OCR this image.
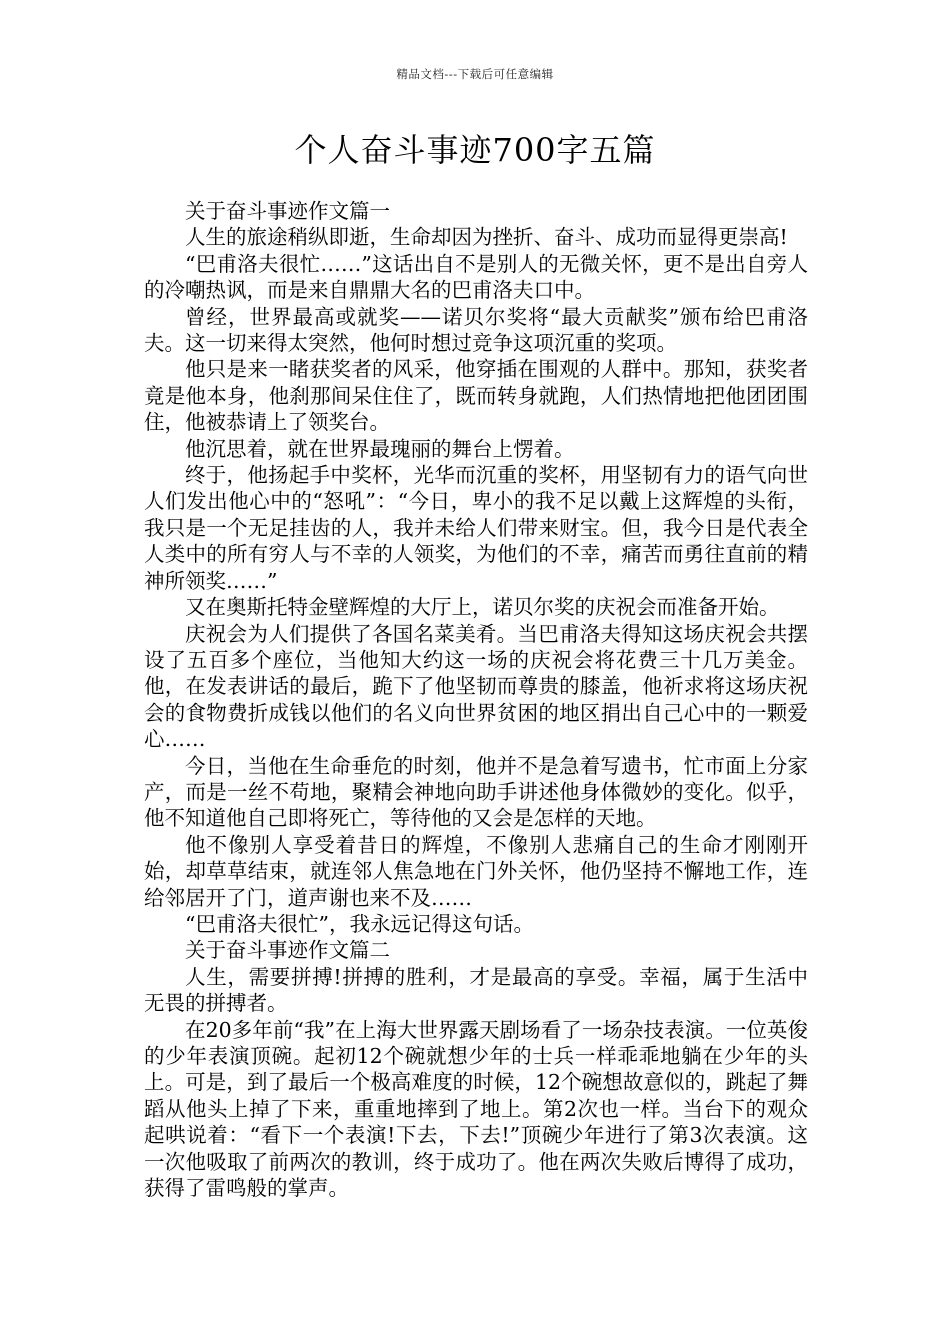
精品文档---下载后可任意编辑
个人奋斗事迹700字五篇

关于奋斗事迹作文篇一

人生的旅途稍纵即逝，生命却因为挫折、奋斗、成功而显得更崇高!

“巴甫洛夫很忙……”这话出自不是别人的无微关怀，更不是出自旁人的冷嘲热讽，而是来自鼎鼎大名的巴甫洛夫口中。

曾经，世界最高或就奖——诺贝尔奖将“最大贡献奖”颁布给巴甫洛夫。这一切来得太突然，他何时想过竞争这项沉重的奖项。

他只是来一睹获奖者的风采，他穿插在围观的人群中。那知，获奖者竟是他本身，他刹那间呆住住了，既而转身就跑，人们热情地把他团团围住，他被恭请上了领奖台。

他沉思着，就在世界最瑰丽的舞台上愣着。

终于，他扬起手中奖杯，光华而沉重的奖杯，用坚韧有力的语气向世人们发出他心中的“怒吼”：“今日，卑小的我不足以戴上这辉煌的头衔，我只是一个无足挂齿的人，我并未给人们带来财宝。但，我今日是代表全人类中的所有穷人与不幸的人领奖，为他们的不幸，痛苦而勇往直前的精神所领奖……”

又在奥斯托特金壁辉煌的大厅上，诺贝尔奖的庆祝会而准备开始。

庆祝会为人们提供了各国名菜美肴。当巴甫洛夫得知这场庆祝会共摆设了五百多个座位，当他知大约这一场的庆祝会将花费三十几万美金。他，在发表讲话的最后，跪下了他坚韧而尊贵的膝盖，他祈求将这场庆祝会的食物费折成钱以他们的名义向世界贫困的地区捐出自己心中的一颗爱心……

今日，当他在生命垂危的时刻，他并不是急着写遗书，忙市面上分家产，而是一丝不苟地，聚精会神地向助手讲述他身体微妙的变化。似乎，他不知道他自己即将死亡，等待他的又会是怎样的天地。

他不像别人享受着昔日的辉煌，不像别人悲痛自己的生命才刚刚开始，却草草结束，就连邻人焦急地在门外关怀，他仍坚持不懈地工作，连给邻居开了门，道声谢也来不及……

“巴甫洛夫很忙”，我永远记得这句话。

关于奋斗事迹作文篇二

人生，需要拼搏!拼搏的胜利，才是最高的享受。幸福，属于生活中无畏的拼搏者。

在20多年前“我”在上海大世界露天剧场看了一场杂技表演。一位英俊的少年表演顶碗。起初12个碗就想少年的士兵一样乖乖地躺在少年的头上。可是，到了最后一个极高难度的时候，12个碗想故意似的，跳起了舞蹈从他头上掉了下来，重重地摔到了地上。第2次也一样。当台下的观众起哄说着：“看下一个表演!下去，下去!”顶碗少年进行了第3次表演。这一次他吸取了前两次的教训，终于成功了。他在两次失败后博得了成功，获得了雷鸣般的掌声。
